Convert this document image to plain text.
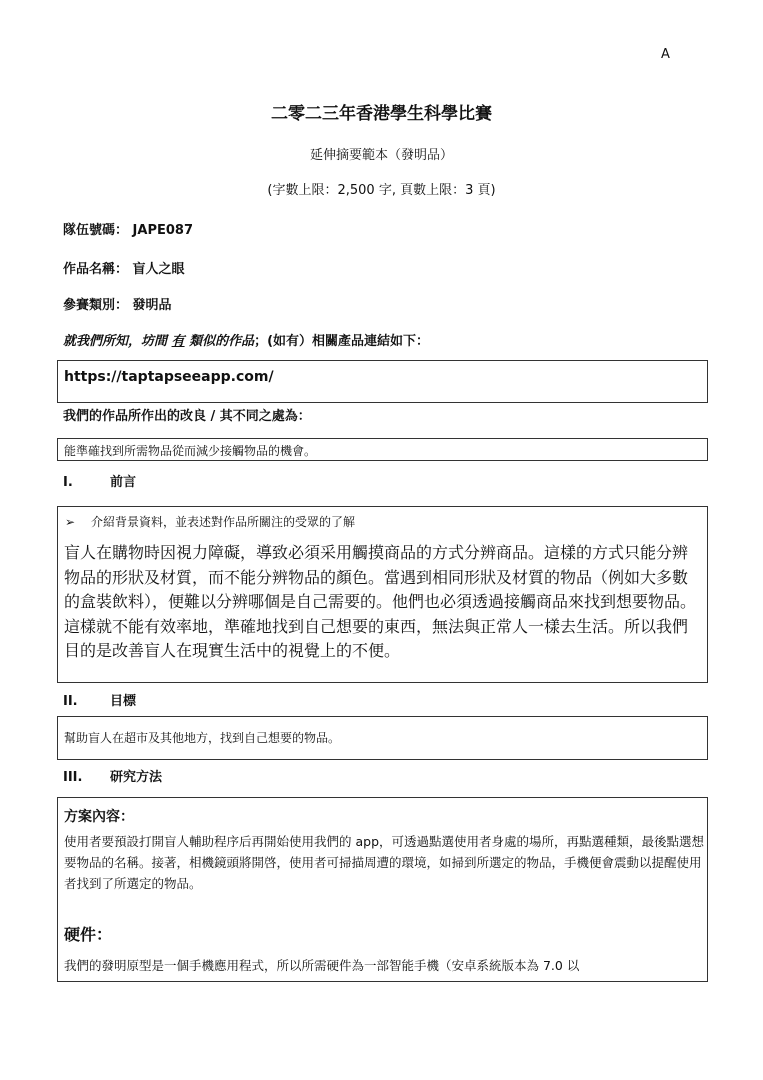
A
二零二三年香港學生科學比賽
延伸摘要範本（發明品）
(字數上限：2,500 字, 頁數上限：3 頁)
隊伍號碼： JAPE087
作品名稱： 盲人之眼
參賽類別： 發明品
就我們所知，坊間 有 類似的作品；(如有）相關產品連結如下：
https://taptapseeapp.com/
我們的作品所作出的改良 / 其不同之處為：
能準確找到所需物品從而減少接觸物品的機會。
I.	前言
➢ 介紹背景資料，並表述對作品所關注的受眾的了解
盲人在購物時因視力障礙，導致必須采用觸摸商品的方式分辨商品。這樣的方式只能分辨物品的形狀及材質，而不能分辨物品的顏色。當遇到相同形狀及材質的物品（例如大多數的盒裝飲料），便難以分辨哪個是自己需要的。他們也必須透過接觸商品來找到想要物品。這樣就不能有效率地，準確地找到自己想要的東西，無法與正常人一樣去生活。所以我們目的是改善盲人在現實生活中的視覺上的不便。
II. 目標
幫助盲人在超市及其他地方，找到自己想要的物品。
III. 研究方法
方案內容：
使用者要預設打開盲人輔助程序后再開始使用我們的 app，可透過點選使用者身處的場所，再點選種類，最後點選想要物品的名稱。接著，相機鏡頭將開啓，使用者可掃描周遭的環境，如掃到所選定的物品，手機便會震動以提醒使用者找到了所選定的物品。
硬件：
我們的發明原型是一個手機應用程式，所以所需硬件為一部智能手機（安卓系統版本為 7.0 以
